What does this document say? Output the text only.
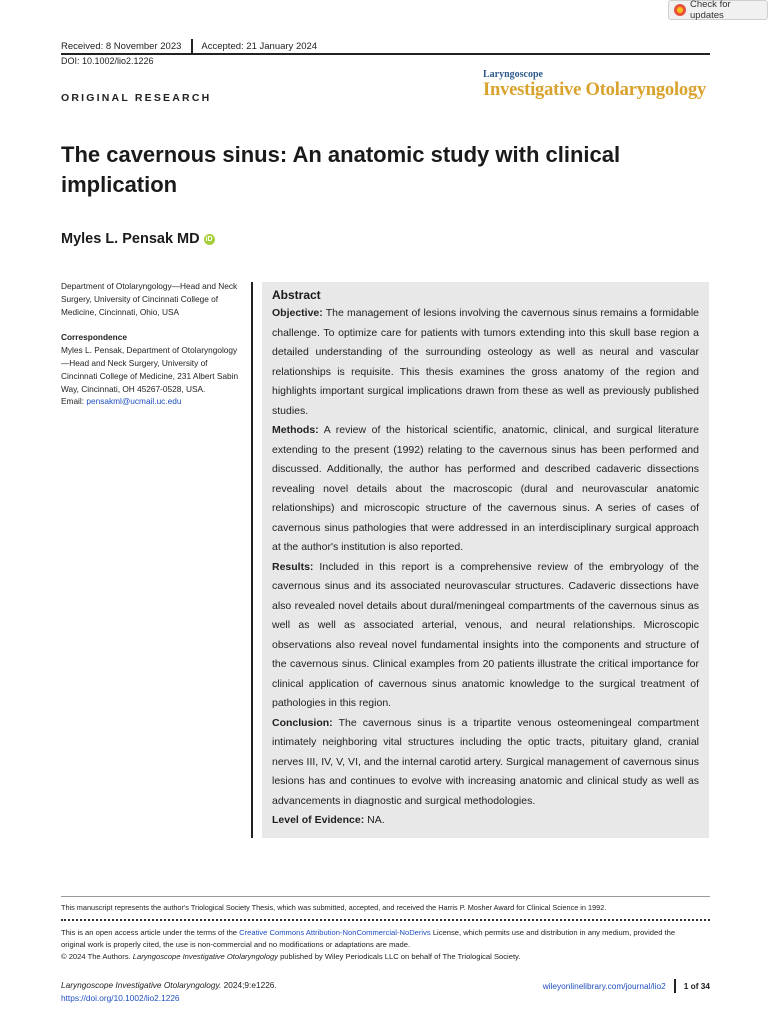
Check for updates
Received: 8 November 2023 Accepted: 21 January 2024
DOI: 10.1002/lio2.1226
ORIGINAL RESEARCH
Laryngoscope
Investigative Otolaryngology
The cavernous sinus: An anatomic study with clinical implication
Myles L. Pensak MD iD
Department of Otolaryngology—Head and Neck Surgery, University of Cincinnati College of Medicine, Cincinnati, Ohio, USA
Correspondence
Myles L. Pensak, Department of Otolaryngology—Head and Neck Surgery, University of Cincinnati College of Medicine, 231 Albert Sabin Way, Cincinnati, OH 45267-0528, USA.
Email: pensakml@ucmail.uc.edu
Abstract

Objective: The management of lesions involving the cavernous sinus remains a formidable challenge. To optimize care for patients with tumors extending into this skull base region a detailed understanding of the surrounding osteology as well as neural and vascular relationships is requisite. This thesis examines the gross anatomy of the region and highlights important surgical implications drawn from these as well as previously published studies.

Methods: A review of the historical scientific, anatomic, clinical, and surgical literature extending to the present (1992) relating to the cavernous sinus has been performed and discussed. Additionally, the author has performed and described cadaveric dissections revealing novel details about the macroscopic (dural and neurovascular anatomic relationships) and microscopic structure of the cavernous sinus. A series of cases of cavernous sinus pathologies that were addressed in an interdisciplinary surgical approach at the author's institution is also reported.

Results: Included in this report is a comprehensive review of the embryology of the cavernous sinus and its associated neurovascular structures. Cadaveric dissections have also revealed novel details about dural/meningeal compartments of the cavernous sinus as well as well as associated arterial, venous, and neural relationships. Microscopic observations also reveal novel fundamental insights into the components and structure of the cavernous sinus. Clinical examples from 20 patients illustrate the critical importance for clinical application of cavernous sinus anatomic knowledge to the surgical treatment of pathologies in this region.

Conclusion: The cavernous sinus is a tripartite venous osteomeningeal compartment intimately neighboring vital structures including the optic tracts, pituitary gland, cranial nerves III, IV, V, VI, and the internal carotid artery. Surgical management of cavernous sinus lesions has and continues to evolve with increasing anatomic and clinical study as well as advancements in diagnostic and surgical methodologies.

Level of Evidence: NA.

This manuscript represents the author's Triological Society Thesis, which was submitted, accepted, and received the Harris P. Mosher Award for Clinical Science in 1992.
This is an open access article under the terms of the Creative Commons Attribution-NonCommercial-NoDerivs License, which permits use and distribution in any medium, provided the original work is properly cited, the use is non-commercial and no modifications or adaptations are made.
© 2024 The Authors. Laryngoscope Investigative Otolaryngology published by Wiley Periodicals LLC on behalf of The Triological Society.
Laryngoscope Investigative Otolaryngology. 2024;9:e1226.
https://doi.org/10.1002/lio2.1226
wileyonlinelibrary.com/journal/lio2 1 of 34
